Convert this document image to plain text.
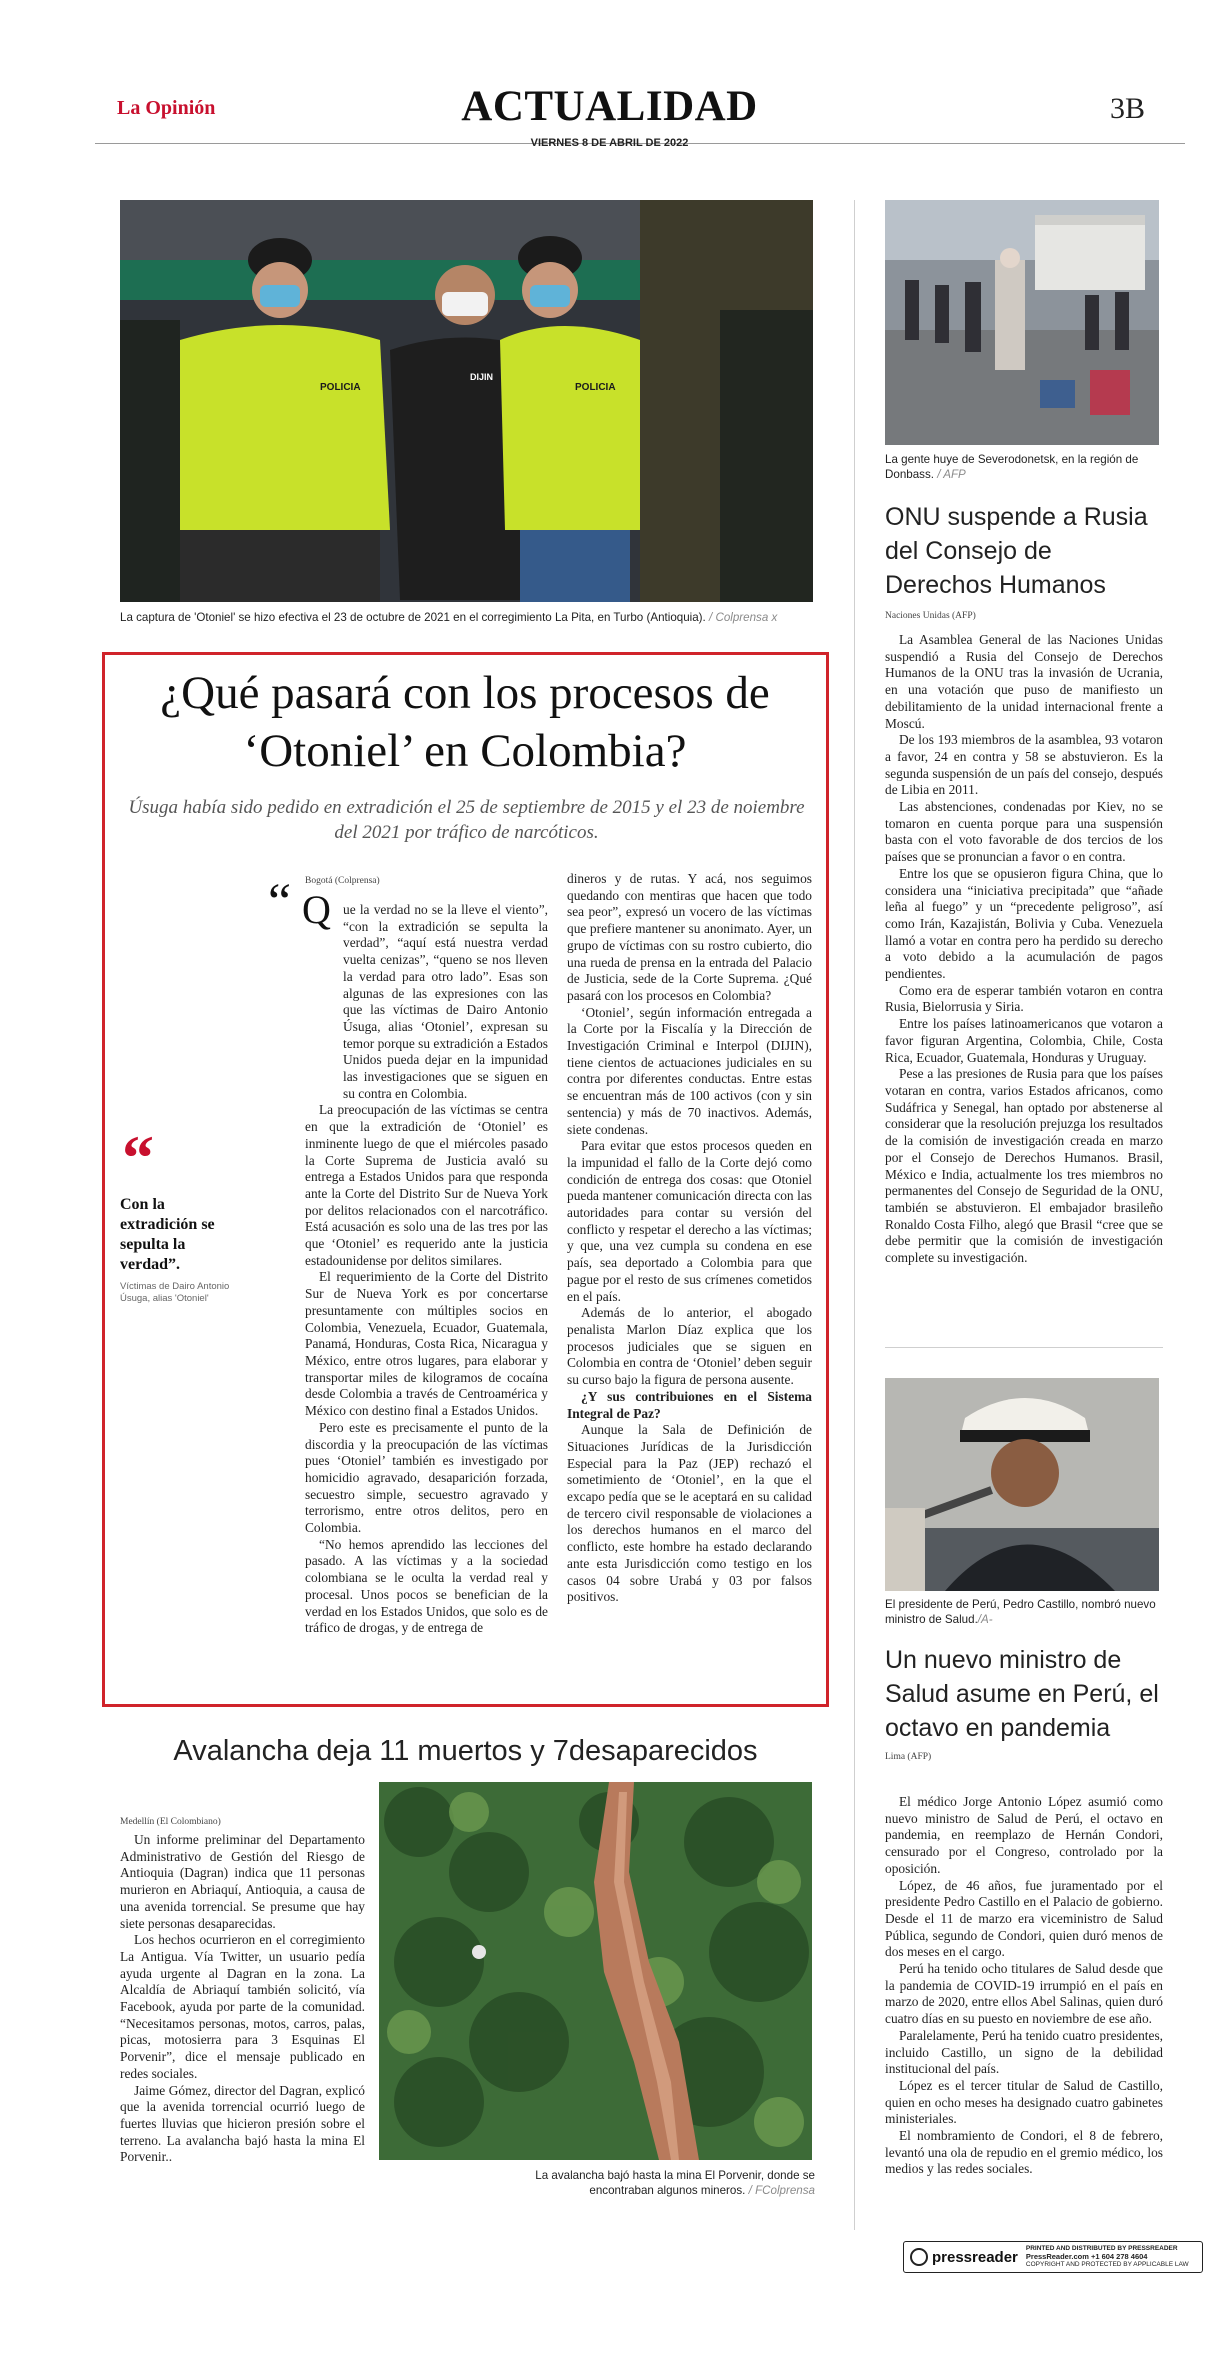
La Opinión	ACTUALIDAD	3B
VIERNES 8 DE ABRIL DE 2022
POLICIA	POLICIA
DIJIN
La captura de 'Otoniel' se hizo efectiva el 23 de octubre de 2021 en el corregimiento La Pita, en Turbo (Antioquia). / Colprensa x
¿Qué pasará con los procesos de ‘Otoniel’ en Colombia?
Úsuga había sido pedido en extradición el 25 de septiembre de 2015 y el 23 de noiembre del 2021 por tráfico de narcóticos.
“
Con la extradición se sepulta la verdad”.
Víctimas de Dairo Antonio Úsuga, alias 'Otoniel'
Bogotá (Colprensa)
“ Q ue la verdad no se la lleve el viento”, “con la extradición se sepulta la verdad”, “aquí está nuestra verdad vuelta cenizas”, “queno se nos lleven la verdad para otro lado”. Esas son algunas de las expresiones con las que las víctimas de Dairo Antonio Úsuga, alias ‘Otoniel’, expresan su temor porque su extradición a Estados Unidos pueda dejar en la impunidad las investigaciones que se siguen en su contra en Colombia.

La preocupación de las víctimas se centra en que la extradición de ‘Otoniel’ es inminente luego de que el miércoles pasado la Corte Suprema de Justicia avaló su entrega a Estados Unidos para que responda ante la Corte del Distrito Sur de Nueva York por delitos relacionados con el narcotráfico. Está acusación es solo una de las tres por las que ‘Otoniel’ es requerido ante la justicia estadounidense por delitos similares.

El requerimiento de la Corte del Distrito Sur de Nueva York es por concertarse presuntamente con múltiples socios en Colombia, Venezuela, Ecuador, Guatemala, Panamá, Honduras, Costa Rica, Nicaragua y México, entre otros lugares, para elaborar y transportar miles de kilogramos de cocaína desde Colombia a través de Centroamérica y México con destino final a Estados Unidos.

Pero este es precisamente el punto de la discordia y la preocupación de las víctimas pues ‘Otoniel’ también es investigado por homicidio agravado, desaparición forzada, secuestro simple, secuestro agravado y terrorismo, entre otros delitos, pero en Colombia.

“No hemos aprendido las lecciones del pasado. A las víctimas y a la sociedad colombiana se le oculta la verdad real y procesal. Unos pocos se benefician de la verdad en los Estados Unidos, que solo es de tráfico de drogas, y de entrega de

dineros y de rutas. Y acá, nos seguimos quedando con mentiras que hacen que todo sea peor”, expresó un vocero de las víctimas que prefiere mantener su anonimato. Ayer, un grupo de víctimas con su rostro cubierto, dio una rueda de prensa en la entrada del Palacio de Justicia, sede de la Corte Suprema. ¿Qué pasará con los procesos en Colombia?

‘Otoniel’, según información entregada a la Corte por la Fiscalía y la Dirección de Investigación Criminal e Interpol (DIJIN), tiene cientos de actuaciones judiciales en su contra por diferentes conductas. Entre estas se encuentran más de 100 activos (con y sin sentencia) y más de 70 inactivos. Además, siete condenas.

Para evitar que estos procesos queden en la impunidad el fallo de la Corte dejó como condición de entrega dos cosas: que Otoniel pueda mantener comunicación directa con las autoridades para contar su versión del conflicto y respetar el derecho a las víctimas; y que, una vez cumpla su condena en ese país, sea deportado a Colombia para que pague por el resto de sus crímenes cometidos en el país.

Además de lo anterior, el abogado penalista Marlon Díaz explica que los procesos judiciales que se siguen en Colombia en contra de ‘Otoniel’ deben seguir su curso bajo la figura de persona ausente.

¿Y sus contribuiones en el Sistema Integral de Paz?

Aunque la Sala de Definición de Situaciones Jurídicas de la Jurisdicción Especial para la Paz (JEP) rechazó el sometimiento de ‘Otoniel’, en la que el excapo pedía que se le aceptará en su calidad de tercero civil responsable de violaciones a los derechos humanos en el marco del conflicto, este hombre ha estado declarando ante esta Jurisdicción como testigo en los casos 04 sobre Urabá y 03 por falsos positivos.

La gente huye de Severodonetsk, en la región de Donbass. / AFP
ONU suspende a Rusia del Consejo de Derechos Humanos
Naciones Unidas (AFP)

La Asamblea General de las Naciones Unidas suspendió a Rusia del Consejo de Derechos Humanos de la ONU tras la invasión de Ucrania, en una votación que puso de manifiesto un debilitamiento de la unidad internacional frente a Moscú.

De los 193 miembros de la asamblea, 93 votaron a favor, 24 en contra y 58 se abstuvieron. Es la segunda suspensión de un país del consejo, después de Libia en 2011.

Las abstenciones, condenadas por Kiev, no se tomaron en cuenta porque para una suspensión basta con el voto favorable de dos tercios de los países que se pronuncian a favor o en contra.

Entre los que se opusieron figura China, que lo considera una “iniciativa precipitada” que “añade leña al fuego” y un “precedente peligroso”, así como Irán, Kazajistán, Bolivia y Cuba. Venezuela llamó a votar en contra pero ha perdido su derecho a voto debido a la acumulación de pagos pendientes.

Como era de esperar también votaron en contra Rusia, Bielorrusia y Siria.

Entre los países latinoamericanos que votaron a favor figuran Argentina, Colombia, Chile, Costa Rica, Ecuador, Guatemala, Honduras y Uruguay.

Pese a las presiones de Rusia para que los países votaran en contra, varios Estados africanos, como Sudáfrica y Senegal, han optado por abstenerse al considerar que la resolución prejuzga los resultados de la comisión de investigación creada en marzo por el Consejo de Derechos Humanos. Brasil, México e India, actualmente los tres miembros no permanentes del Consejo de Seguridad de la ONU, también se abstuvieron. El embajador brasileño Ronaldo Costa Filho, alegó que Brasil “cree que se debe permitir que la comisión de investigación complete su investigación.

El presidente de Perú, Pedro Castillo, nombró nuevo ministro de Salud./A-
Un nuevo ministro de Salud asume en Perú, el octavo en pandemia
Lima (AFP)

El médico Jorge Antonio López asumió como nuevo ministro de Salud de Perú, el octavo en pandemia, en reemplazo de Hernán Condori, censurado por el Congreso, controlado por la oposición.

López, de 46 años, fue juramentado por el presidente Pedro Castillo en el Palacio de gobierno. Desde el 11 de marzo era viceministro de Salud Pública, segundo de Condori, quien duró menos de dos meses en el cargo.

Perú ha tenido ocho titulares de Salud desde que la pandemia de COVID-19 irrumpió en el país en marzo de 2020, entre ellos Abel Salinas, quien duró cuatro días en su puesto en noviembre de ese año.

Paralelamente, Perú ha tenido cuatro presidentes, incluido Castillo, un signo de la debilidad institucional del país.

López es el tercer titular de Salud de Castillo, quien en ocho meses ha designado cuatro gabinetes ministeriales.

El nombramiento de Condori, el 8 de febrero, levantó una ola de repudio en el gremio médico, los medios y las redes sociales.

Avalancha deja 11 muertos y 7desaparecidos
Medellín (El Colombiano)

Un informe preliminar del Departamento Administrativo de Gestión del Riesgo de Antioquia (Dagran) indica que 11 personas murieron en Abriaquí, Antioquia, a causa de una avenida torrencial. Se presume que hay siete personas desaparecidas.

Los hechos ocurrieron en el corregimiento La Antigua. Vía Twitter, un usuario pedía ayuda urgente al Dagran en la zona. La Alcaldía de Abriaquí también solicitó, vía Facebook, ayuda por parte de la comunidad. “Necesitamos personas, motos, carros, palas, picas, motosierra para 3 Esquinas El Porvenir”, dice el mensaje publicado en redes sociales.

Jaime Gómez, director del Dagran, explicó que la avenida torrencial ocurrió luego de fuertes lluvias que hicieron presión sobre el terreno. La avalancha bajó hasta la mina El Porvenir..

La avalancha bajó hasta la mina El Porvenir, donde se encontraban algunos mineros. / FColprensa
pressreader PRINTED AND DISTRIBUTED BY PRESSREADER
PressReader.com +1 604 278 4604
COPYRIGHT AND PROTECTED BY APPLICABLE LAW
